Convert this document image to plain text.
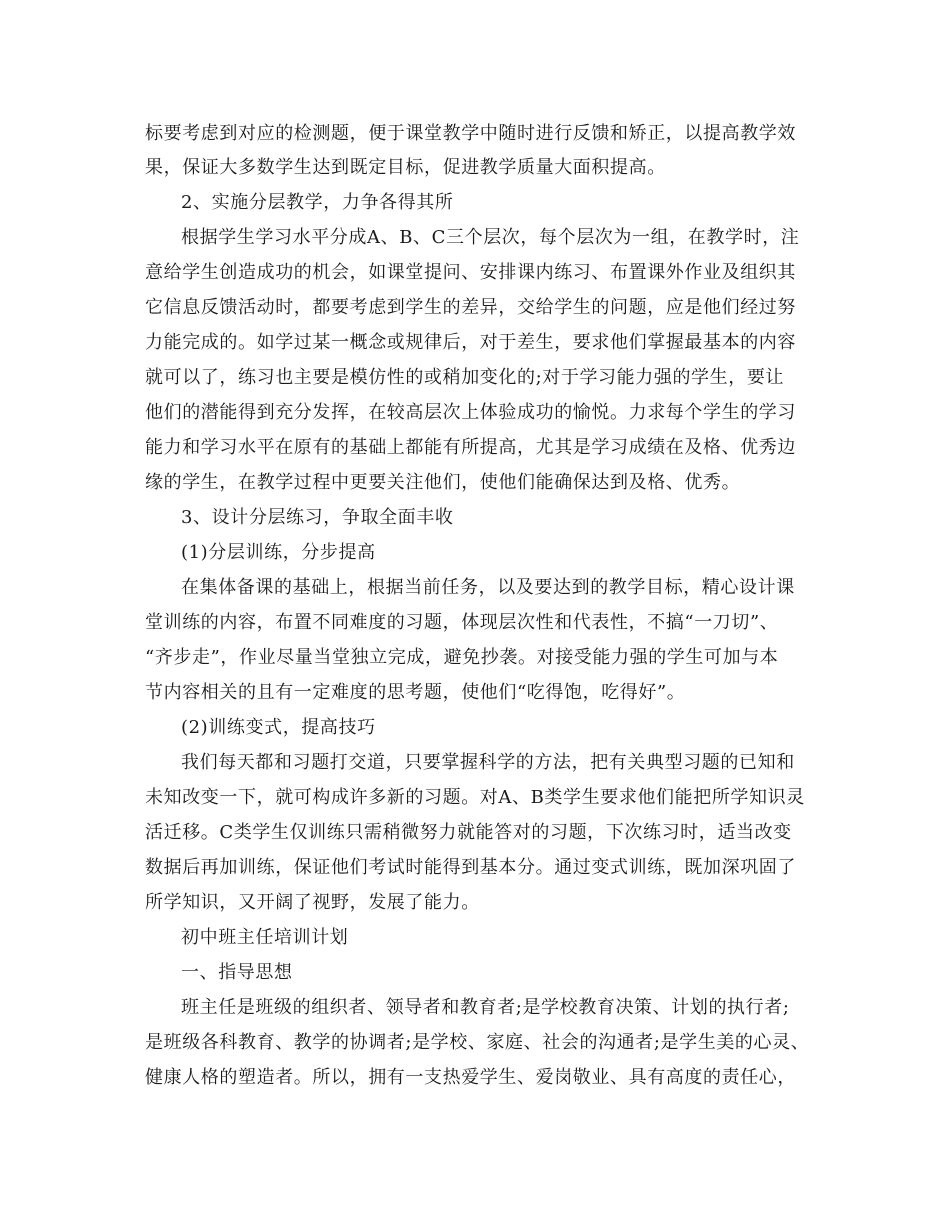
标要考虑到对应的检测题，便于课堂教学中随时进行反馈和矫正，以提高教学效
果，保证大多数学生达到既定目标，促进教学质量大面积提高。
2、实施分层教学，力争各得其所
根据学生学习水平分成A、B、C三个层次，每个层次为一组，在教学时，注
意给学生创造成功的机会，如课堂提问、安排课内练习、布置课外作业及组织其
它信息反馈活动时，都要考虑到学生的差异，交给学生的问题，应是他们经过努
力能完成的。如学过某一概念或规律后，对于差生，要求他们掌握最基本的内容
就可以了，练习也主要是模仿性的或稍加变化的;对于学习能力强的学生，要让
他们的潜能得到充分发挥，在较高层次上体验成功的愉悦。力求每个学生的学习
能力和学习水平在原有的基础上都能有所提高，尤其是学习成绩在及格、优秀边
缘的学生，在教学过程中更要关注他们，使他们能确保达到及格、优秀。
3、设计分层练习，争取全面丰收
(1)分层训练，分步提高
在集体备课的基础上，根据当前任务，以及要达到的教学目标，精心设计课
堂训练的内容，布置不同难度的习题，体现层次性和代表性，不搞“一刀切”、
“齐步走”，作业尽量当堂独立完成，避免抄袭。对接受能力强的学生可加与本
节内容相关的且有一定难度的思考题，使他们“吃得饱，吃得好”。
(2)训练变式，提高技巧
我们每天都和习题打交道，只要掌握科学的方法，把有关典型习题的已知和
未知改变一下，就可构成许多新的习题。对A、B类学生要求他们能把所学知识灵
活迁移。C类学生仅训练只需稍微努力就能答对的习题，下次练习时，适当改变
数据后再加训练，保证他们考试时能得到基本分。通过变式训练，既加深巩固了
所学知识，又开阔了视野，发展了能力。
初中班主任培训计划
一、指导思想
班主任是班级的组织者、领导者和教育者;是学校教育决策、计划的执行者;
是班级各科教育、教学的协调者;是学校、家庭、社会的沟通者;是学生美的心灵、
健康人格的塑造者。所以，拥有一支热爱学生、爱岗敬业、具有高度的责任心，
